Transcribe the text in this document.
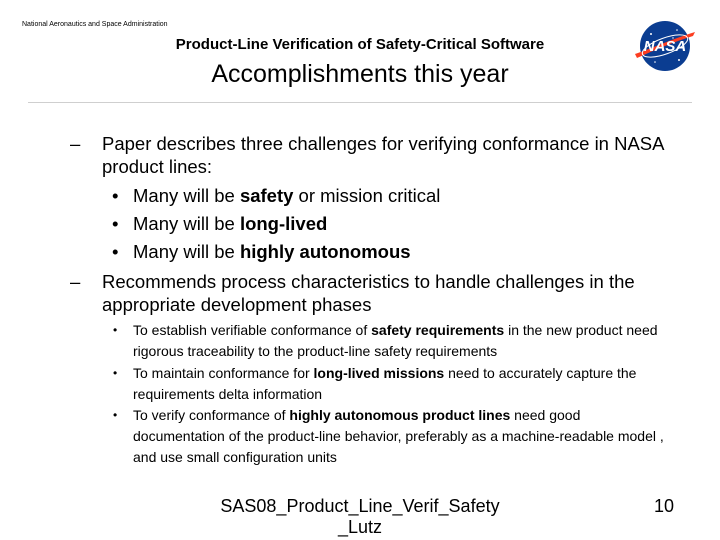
National Aeronautics and Space Administration
Product-Line Verification of Safety-Critical Software
Accomplishments this year
NASA
– Paper describes three challenges for verifying conformance in NASA product lines:
• Many will be safety or mission critical
• Many will be long-lived
• Many will be highly autonomous
– Recommends process characteristics to handle challenges in the appropriate development phases
• To establish verifiable conformance of safety requirements in the new product need rigorous traceability to the product-line safety requirements
• To maintain conformance for long-lived missions need to accurately capture the requirements delta information
• To verify conformance of highly autonomous product lines need good documentation of the product-line behavior, preferably as a machine-readable model , and use small configuration units
SAS08_Product_Line_Verif_Safety
_Lutz
10
